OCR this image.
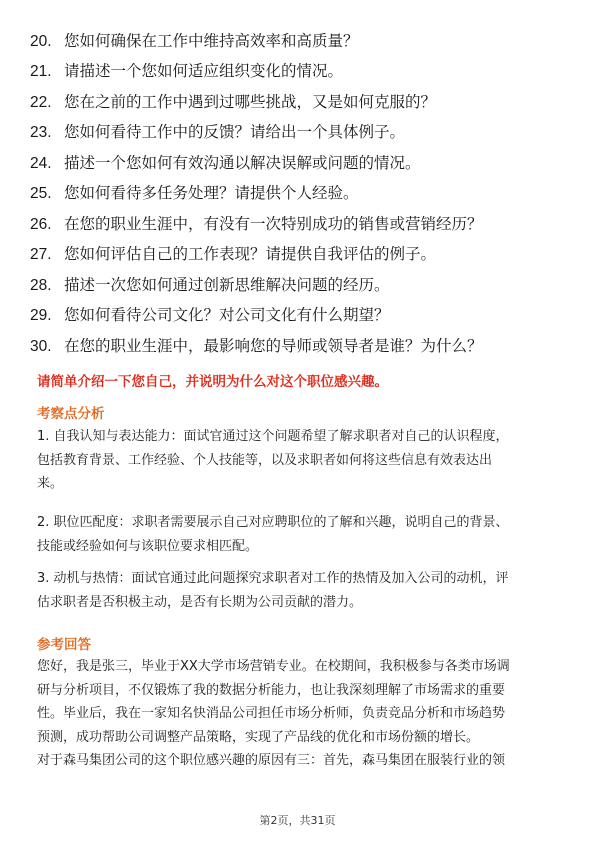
20. 您如何确保在工作中维持高效率和高质量？
21. 请描述一个您如何适应组织变化的情况。
22. 您在之前的工作中遇到过哪些挑战，又是如何克服的？
23. 您如何看待工作中的反馈？请给出一个具体例子。
24. 描述一个您如何有效沟通以解决误解或问题的情况。
25. 您如何看待多任务处理？请提供个人经验。
26. 在您的职业生涯中，有没有一次特别成功的销售或营销经历？
27. 您如何评估自己的工作表现？请提供自我评估的例子。
28. 描述一次您如何通过创新思维解决问题的经历。
29. 您如何看待公司文化？对公司文化有什么期望？
30. 在您的职业生涯中，最影响您的导师或领导者是谁？为什么？
请简单介绍一下您自己，并说明为什么对这个职位感兴趣。
考察点分析
1. 自我认知与表达能力：面试官通过这个问题希望了解求职者对自己的认识程度，
包括教育背景、工作经验、个人技能等，以及求职者如何将这些信息有效表达出
来。
2. 职位匹配度：求职者需要展示自己对应聘职位的了解和兴趣，说明自己的背景、
技能或经验如何与该职位要求相匹配。
3. 动机与热情：面试官通过此问题探究求职者对工作的热情及加入公司的动机，评
估求职者是否积极主动，是否有长期为公司贡献的潜力。
参考回答
您好，我是张三，毕业于XX大学市场营销专业。在校期间，我积极参与各类市场调
研与分析项目，不仅锻炼了我的数据分析能力，也让我深刻理解了市场需求的重要
性。毕业后，我在一家知名快消品公司担任市场分析师，负责竞品分析和市场趋势
预测，成功帮助公司调整产品策略，实现了产品线的优化和市场份额的增长。
对于森马集团公司的这个职位感兴趣的原因有三：首先，森马集团在服装行业的领
第2页，共31页
